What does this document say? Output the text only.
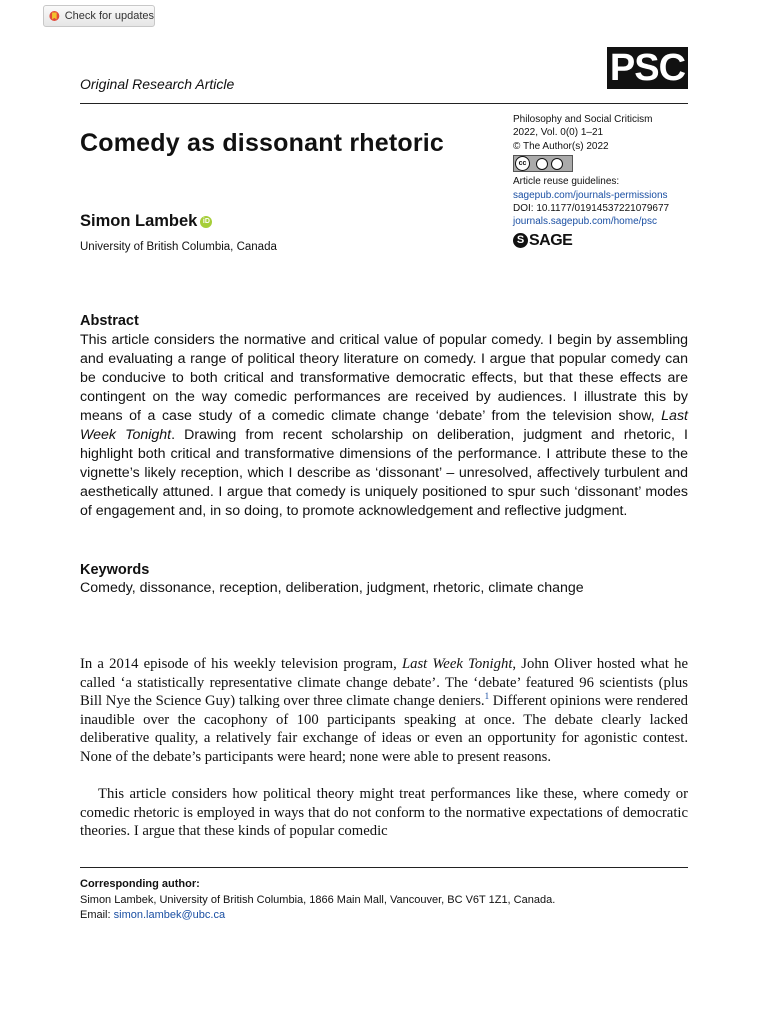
Check for updates
PSC
Original Research Article
Comedy as dissonant rhetoric
Philosophy and Social Criticism
2022, Vol. 0(0) 1–21
© The Author(s) 2022
cc
Article reuse guidelines:
sagepub.com/journals-permissions
DOI: 10.1177/01914537221079677
journals.sagepub.com/home/psc
S SAGE
Simon Lambek iD
University of British Columbia, Canada
Abstract
This article considers the normative and critical value of popular comedy. I begin by assembling and evaluating a range of political theory literature on comedy. I argue that popular comedy can be conducive to both critical and transformative democratic effects, but that these effects are contingent on the way comedic performances are received by audiences. I illustrate this by means of a case study of a comedic climate change ‘debate’ from the television show, Last Week Tonight. Drawing from recent scholarship on deliberation, judgment and rhetoric, I highlight both critical and transformative dimensions of the performance. I attribute these to the vignette’s likely reception, which I describe as ‘dissonant’ – unresolved, affectively turbulent and aesthetically attuned. I argue that comedy is uniquely positioned to spur such ‘dissonant’ modes of engagement and, in so doing, to promote acknowledgement and reflective judgment.
Keywords
Comedy, dissonance, reception, deliberation, judgment, rhetoric, climate change
In a 2014 episode of his weekly television program, Last Week Tonight, John Oliver hosted what he called ‘a statistically representative climate change debate’. The ‘debate’ featured 96 scientists (plus Bill Nye the Science Guy) talking over three climate change deniers.$^1$ Different opinions were rendered inaudible over the cacophony of 100 participants speaking at once. The debate clearly lacked deliberative quality, a relatively fair exchange of ideas or even an opportunity for agonistic contest. None of the debate’s participants were heard; none were able to present reasons.
This article considers how political theory might treat performances like these, where comedy or comedic rhetoric is employed in ways that do not conform to the normative expectations of democratic theories. I argue that these kinds of popular comedic
Corresponding author:
Simon Lambek, University of British Columbia, 1866 Main Mall, Vancouver, BC V6T 1Z1, Canada.
Email: simon.lambek@ubc.ca
